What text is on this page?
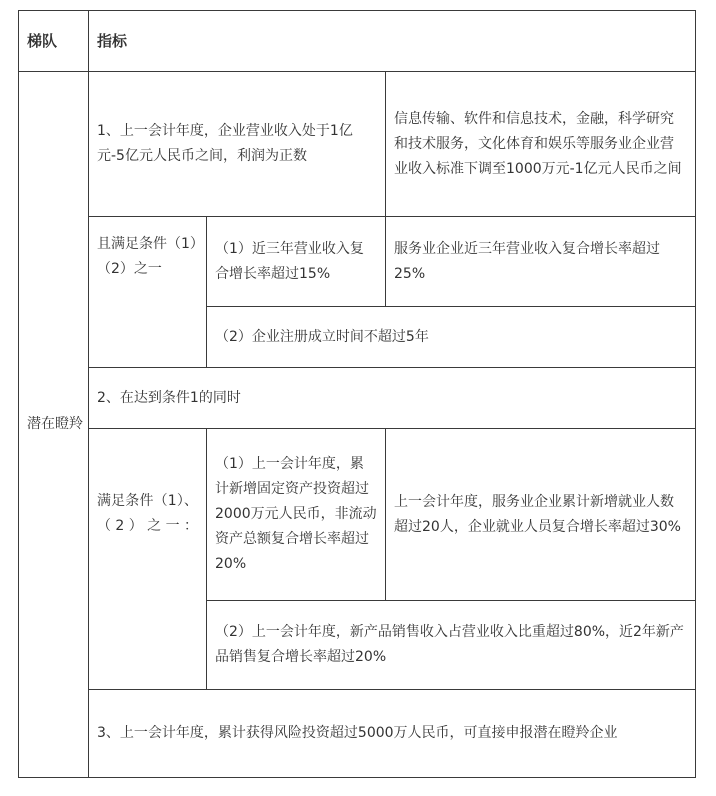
梯队	指标		
潜在瞪羚	1、上一会计年度，企业营业收入处于1亿元-5亿元人民币之间，利润为正数		信息传输、软件和信息技术，金融，科学研究和技术服务，文化体育和娱乐等服务业企业营业收入标准下调至1000万元-1亿元人民币之间
	且满足条件（1）（2）之一	（1）近三年营业收入复合增长率超过15%	服务业企业近三年营业收入复合增长率超过25%
		（2）企业注册成立时间不超过5年	
	2、在达到条件1的同时		

	满足条件（1）、（2）之一：	（1）上一会计年度，累计新增固定资产投资超过2000万元人民币，非流动资产总额复合增长率超过20%	上一会计年度，服务业企业累计新增就业人数超过20人，企业就业人员复合增长率超过30%
		（2）上一会计年度，新产品销售收入占营业收入比重超过80%，近2年新产品销售复合增长率超过20%	
	3、上一会计年度，累计获得风险投资超过5000万人民币，可直接申报潜在瞪羚企业		
